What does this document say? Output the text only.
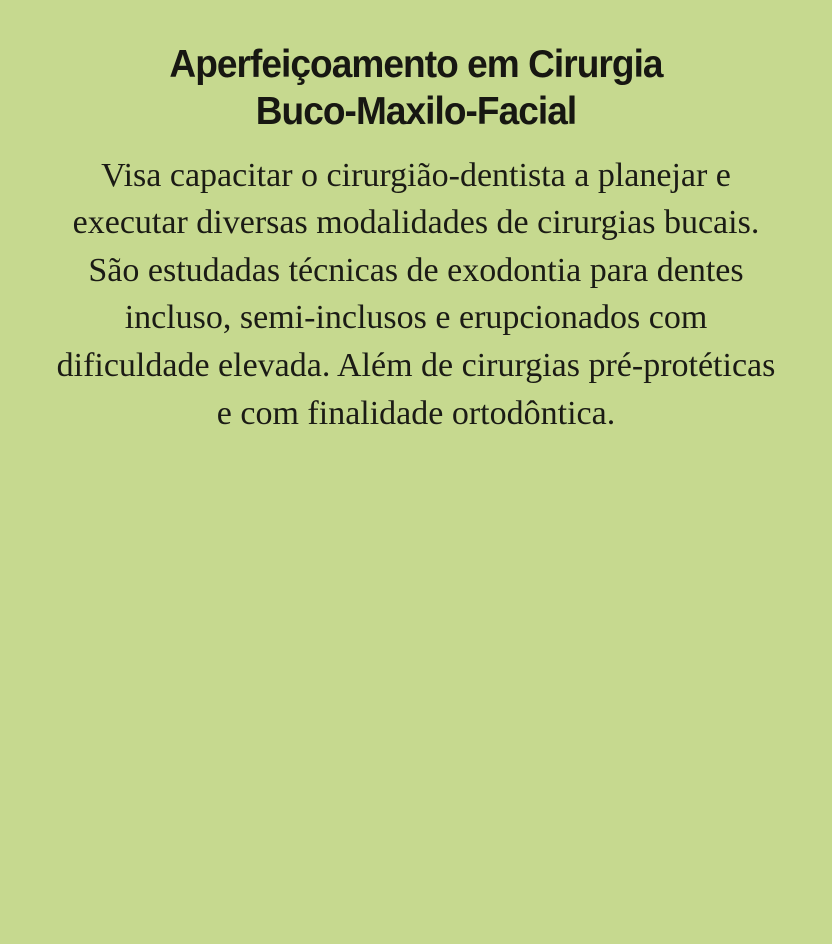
Aperfeiçoamento em Cirurgia
Buco-Maxilo-Facial

Visa capacitar o cirurgião-dentista a planejar e executar diversas modalidades de cirurgias bucais. São estudadas técnicas de exodontia para dentes incluso, semi-inclusos e erupcionados com dificuldade elevada. Além de cirurgias pré-protéticas e com finalidade ortodôntica.
